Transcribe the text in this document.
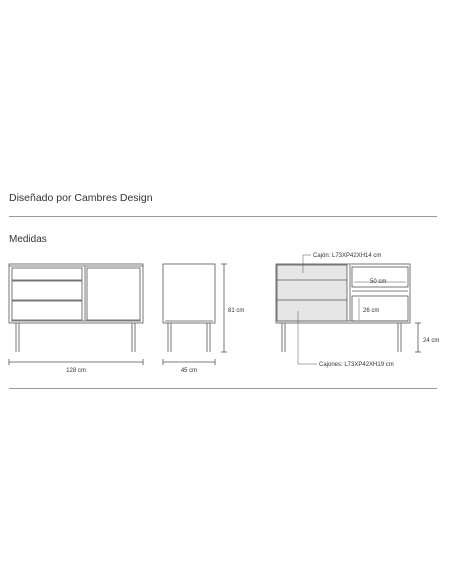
Diseñado por Cambres Design
Medidas
128 cm	45 cm
81 cm
Cajón: L73XP42XH14 cm
50 cm
26 cm
24 cm
Cajones: L73XP42XH19 cm
